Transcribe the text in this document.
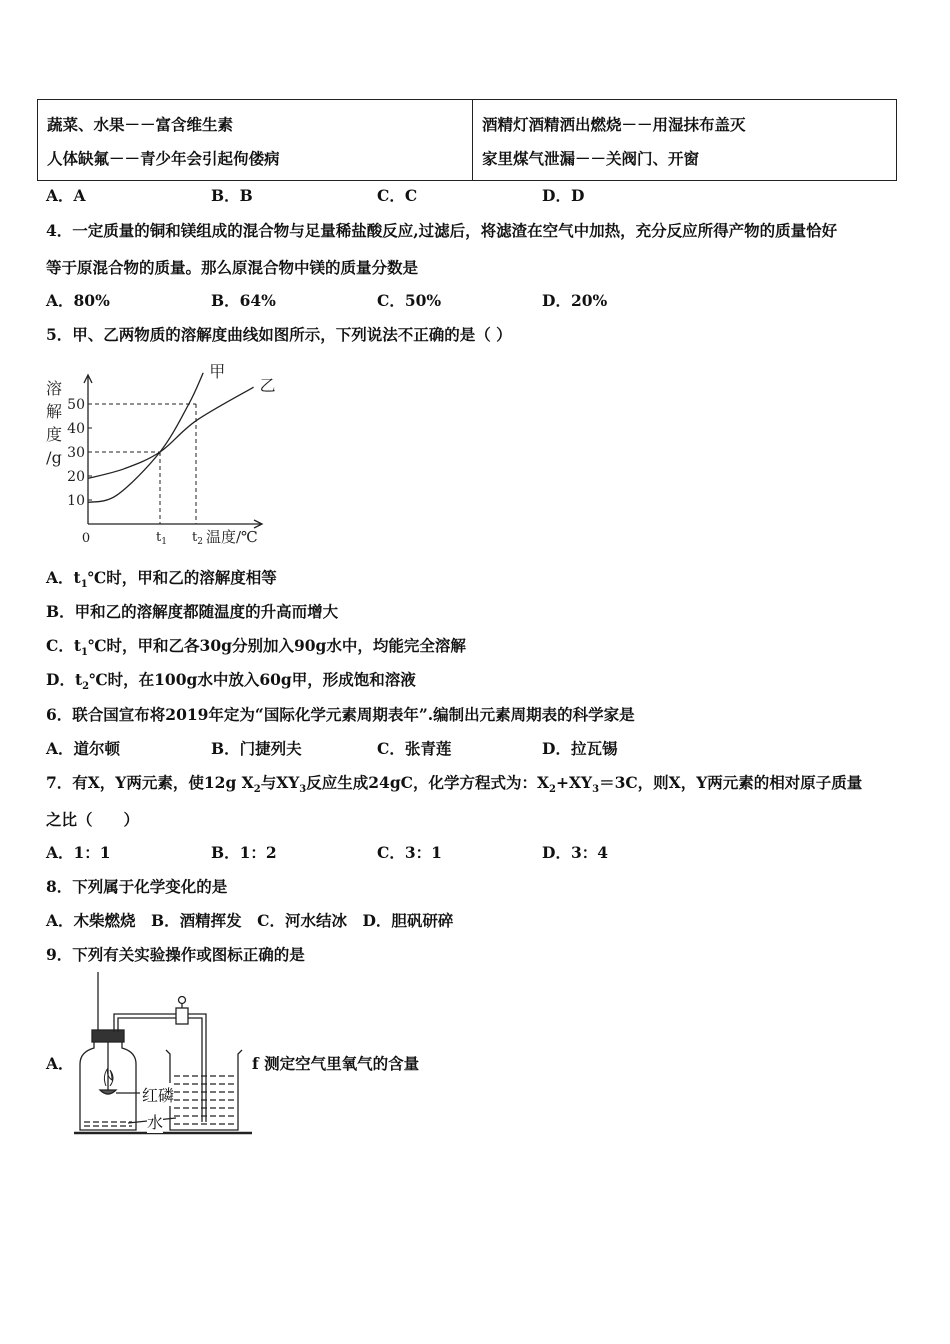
蔬菜、水果－－富含维生素
人体缺氟－－青少年会引起佝偻病

酒精灯酒精洒出燃烧－－用湿抹布盖灭
家里煤气泄漏－－关阀门、开窗
A．A	B．B	C．C	D．D
4．一定质量的铜和镁组成的混合物与足量稀盐酸反应,过滤后，将滤渣在空气中加热，充分反应所得产物的质量恰好
等于原混合物的质量。那么原混合物中镁的质量分数是
A．80%	B．64%	C．50%	D．20%
5．甲、乙两物质的溶解度曲线如图所示，下列说法不正确的是（ ）
10
20
30
40
50
$t_1$ $t_2$
甲
乙
溶
解
度
/g
0	温度/℃
A．$t_1℃$时，甲和乙的溶解度相等
B．甲和乙的溶解度都随温度的升高而增大
C．$t_1℃$时，甲和乙各30g分别加入90g水中，均能完全溶解
D．$t_2℃$时，在100g水中放入60g甲，形成饱和溶液
6．联合国宣布将2019年定为“国际化学元素周期表年”.编制出元素周期表的科学家是
A．道尔顿	B．门捷列夫	C．张青莲	D．拉瓦锡
7．有X，Y两元素，使12g $X_2$与$XY_3$反应生成24gC，化学方程式为：$X_2+XY_3=3C$，则X，Y两元素的相对原子质量
之比（　　）
A．1：1	B．1：2	C．3：1	D．3：4
8．下列属于化学变化的是
A．木柴燃烧　B．酒精挥发　C．河水结冰　D．胆矾研碎
9．下列有关实验操作或图标正确的是
A．	f 测定空气里氧气的含量
红磷
水
